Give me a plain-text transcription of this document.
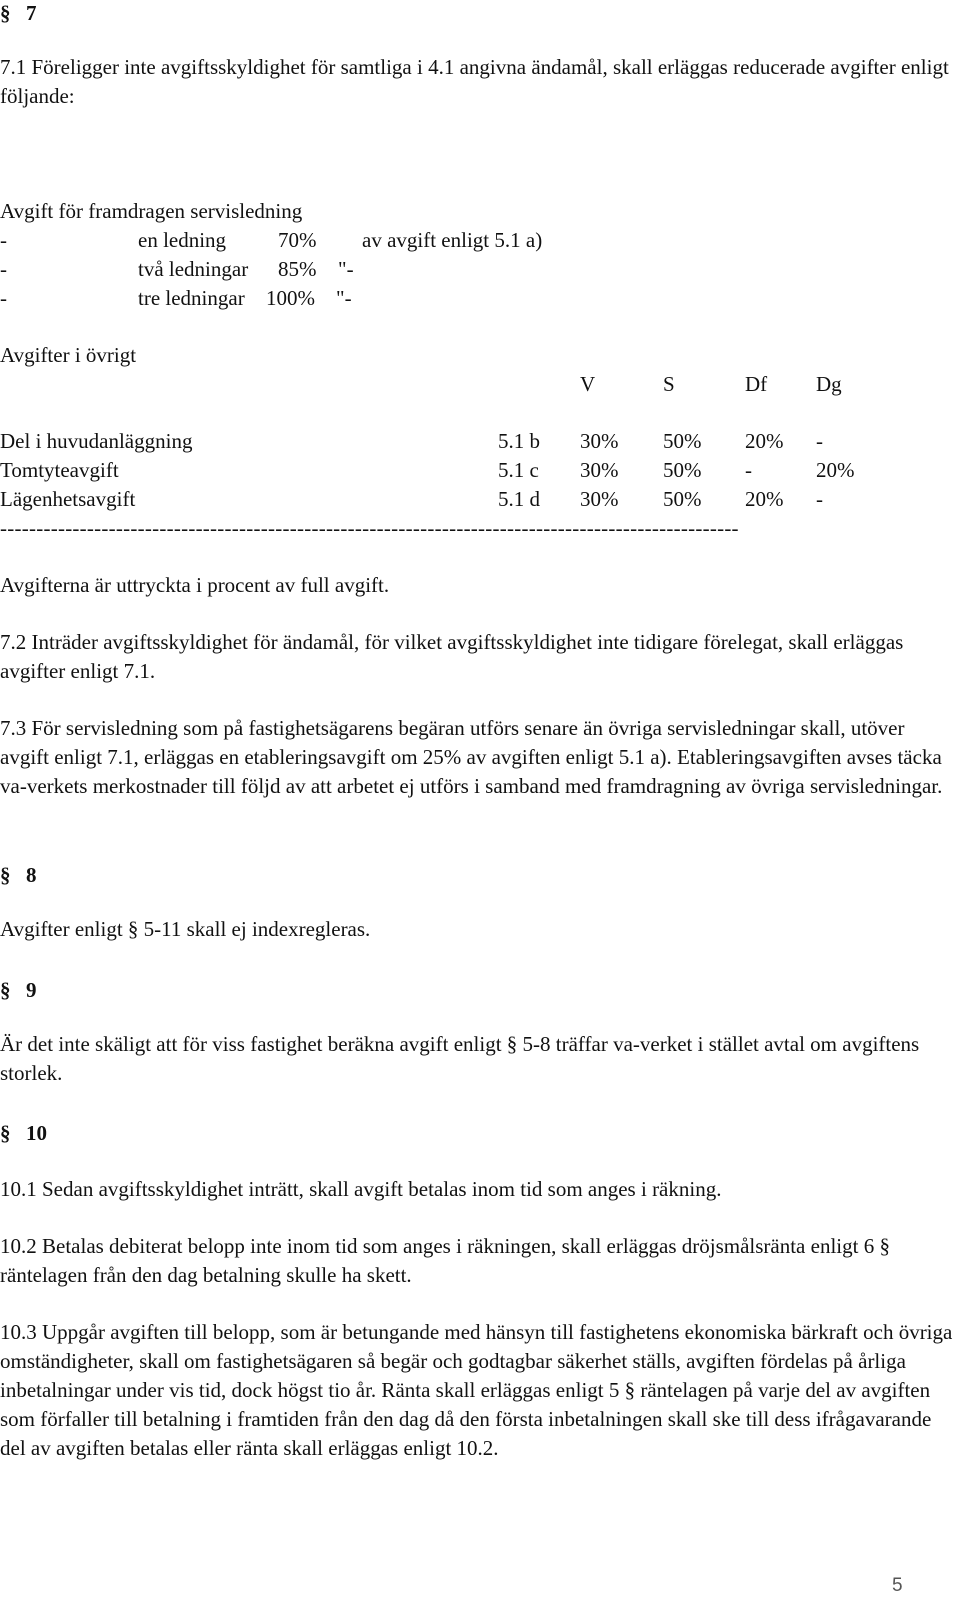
§ 7

7.1 Föreligger inte avgiftsskyldighet för samtliga i 4.1 angivna ändamål, skall erläggas reducerade avgifter enligt följande:

Avgift för framdragen servisledning
-	en ledning 70% av avgift enligt 5.1 a)
-	två ledningar 85% "-
-	tre ledningar 100% "-
Avgifter i övrigt
V	S	Df Dg
Del i huvudanläggning	5.1 b 30% 50% 20% -
Tomtyteavgift	5.1 c 30% 50% -	20%
Lägenhetsavgift	5.1 d 30% 50% 20% -
------------------------------------------------------------------------------------------------------
Avgifterna är uttryckta i procent av full avgift.

7.2 Inträder avgiftsskyldighet för ändamål, för vilket avgiftsskyldighet inte tidigare förelegat, skall erläggas avgifter enligt 7.1.

7.3 För servisledning som på fastighetsägarens begäran utförs senare än övriga servisledningar skall, utöver avgift enligt 7.1, erläggas en etableringsavgift om 25% av avgiften enligt 5.1 a). Etableringsavgiften avses täcka va-verkets merkostnader till följd av att arbetet ej utförs i samband med framdragning av övriga servisledningar.

§ 8

Avgifter enligt § 5-11 skall ej indexregleras.

§ 9

Är det inte skäligt att för viss fastighet beräkna avgift enligt § 5-8 träffar va-verket i stället avtal om avgiftens storlek.

§ 10

10.1 Sedan avgiftsskyldighet inträtt, skall avgift betalas inom tid som anges i räkning.

10.2 Betalas debiterat belopp inte inom tid som anges i räkningen, skall erläggas dröjsmålsränta enligt 6 § räntelagen från den dag betalning skulle ha skett.

10.3 Uppgår avgiften till belopp, som är betungande med hänsyn till fastighetens ekonomiska bärkraft och övriga omständigheter, skall om fastighetsägaren så begär och godtagbar säkerhet ställs, avgiften fördelas på årliga inbetalningar under vis tid, dock högst tio år. Ränta skall erläggas enligt 5 § räntelagen på varje del av avgiften som förfaller till betalning i framtiden från den dag då den första inbetalningen skall ske till dess ifrågavarande del av avgiften betalas eller ränta skall erläggas enligt 10.2.

5
